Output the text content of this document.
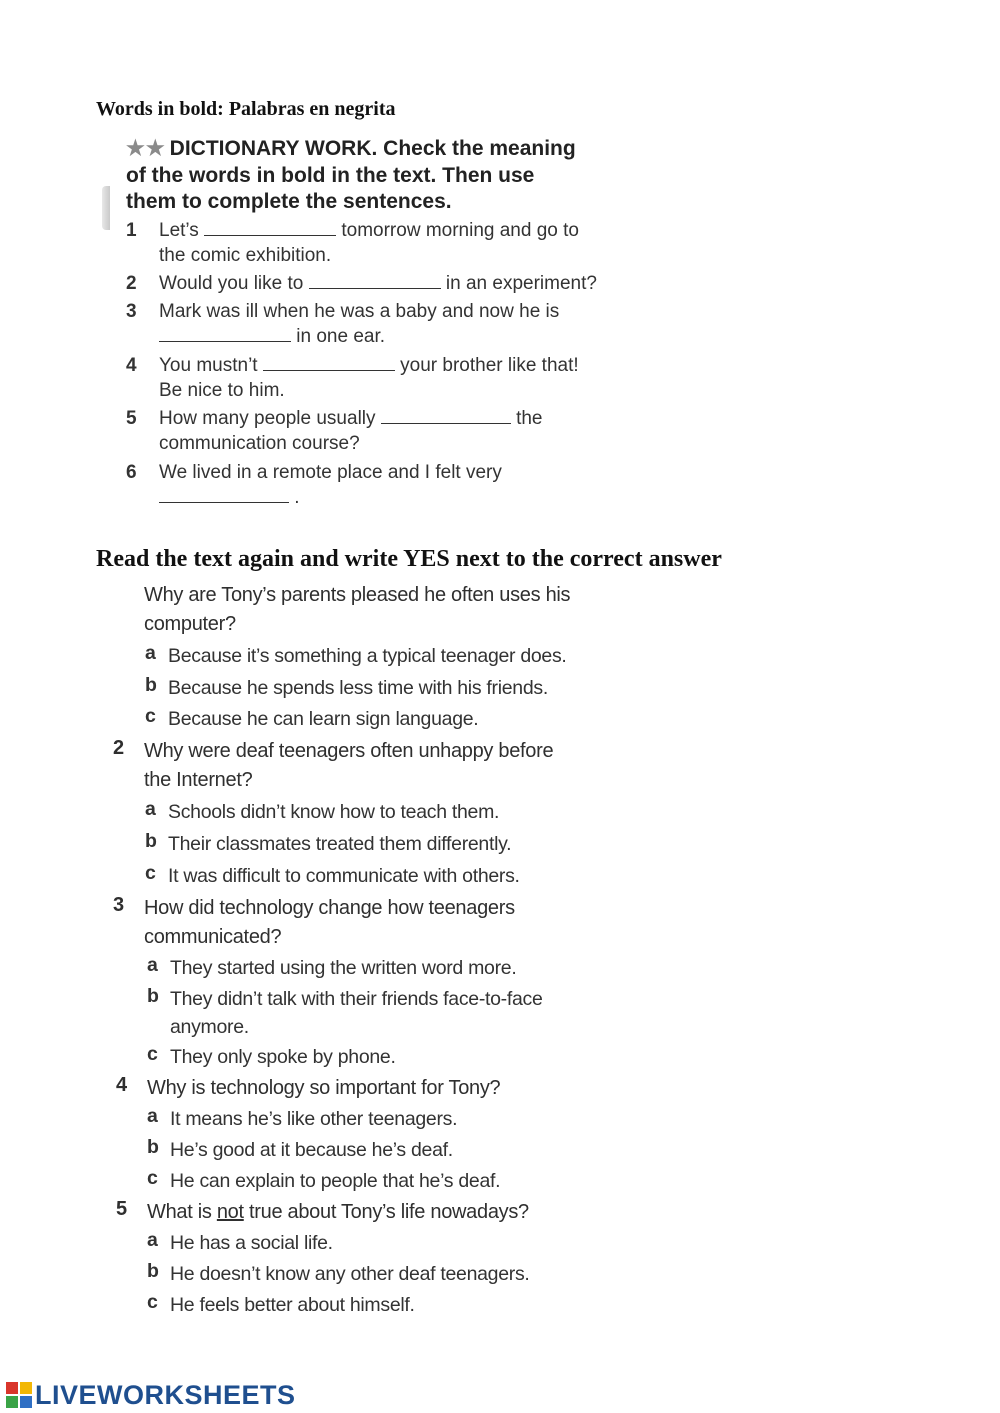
Words in bold: Palabras en negrita
★★ DICTIONARY WORK. Check the meaning
of the words in bold in the text. Then use
them to complete the sentences.
1	Let’s	tomorrow morning and go to
the comic exhibition.
2	Would you like to	in an experiment?
3	Mark was ill when he was a baby and now he is
in one ear.
4	You mustn’t	your brother like that!
Be nice to him.
5	How many people usually	the
communication course?
6	We lived in a remote place and I felt very
.
Read the text again and write YES next to the correct answer
Why are Tony’s parents pleased he often uses his
computer?
a Because it’s something a typical teenager does.
b Because he spends less time with his friends.
c Because he can learn sign language.
2 Why were deaf teenagers often unhappy before
the Internet?
a Schools didn’t know how to teach them.
b Their classmates treated them differently.
c It was difficult to communicate with others.
3 How did technology change how teenagers
communicated?
a They started using the written word more.
b They didn’t talk with their friends face-to-face
anymore.
c They only spoke by phone.
4 Why is technology so important for Tony?
a It means he’s like other teenagers.
b He’s good at it because he’s deaf.
c He can explain to people that he’s deaf.
5 What is not true about Tony’s life nowadays?
a He has a social life.
b He doesn’t know any other deaf teenagers.
c He feels better about himself.
LIVEWORKSHEETS
